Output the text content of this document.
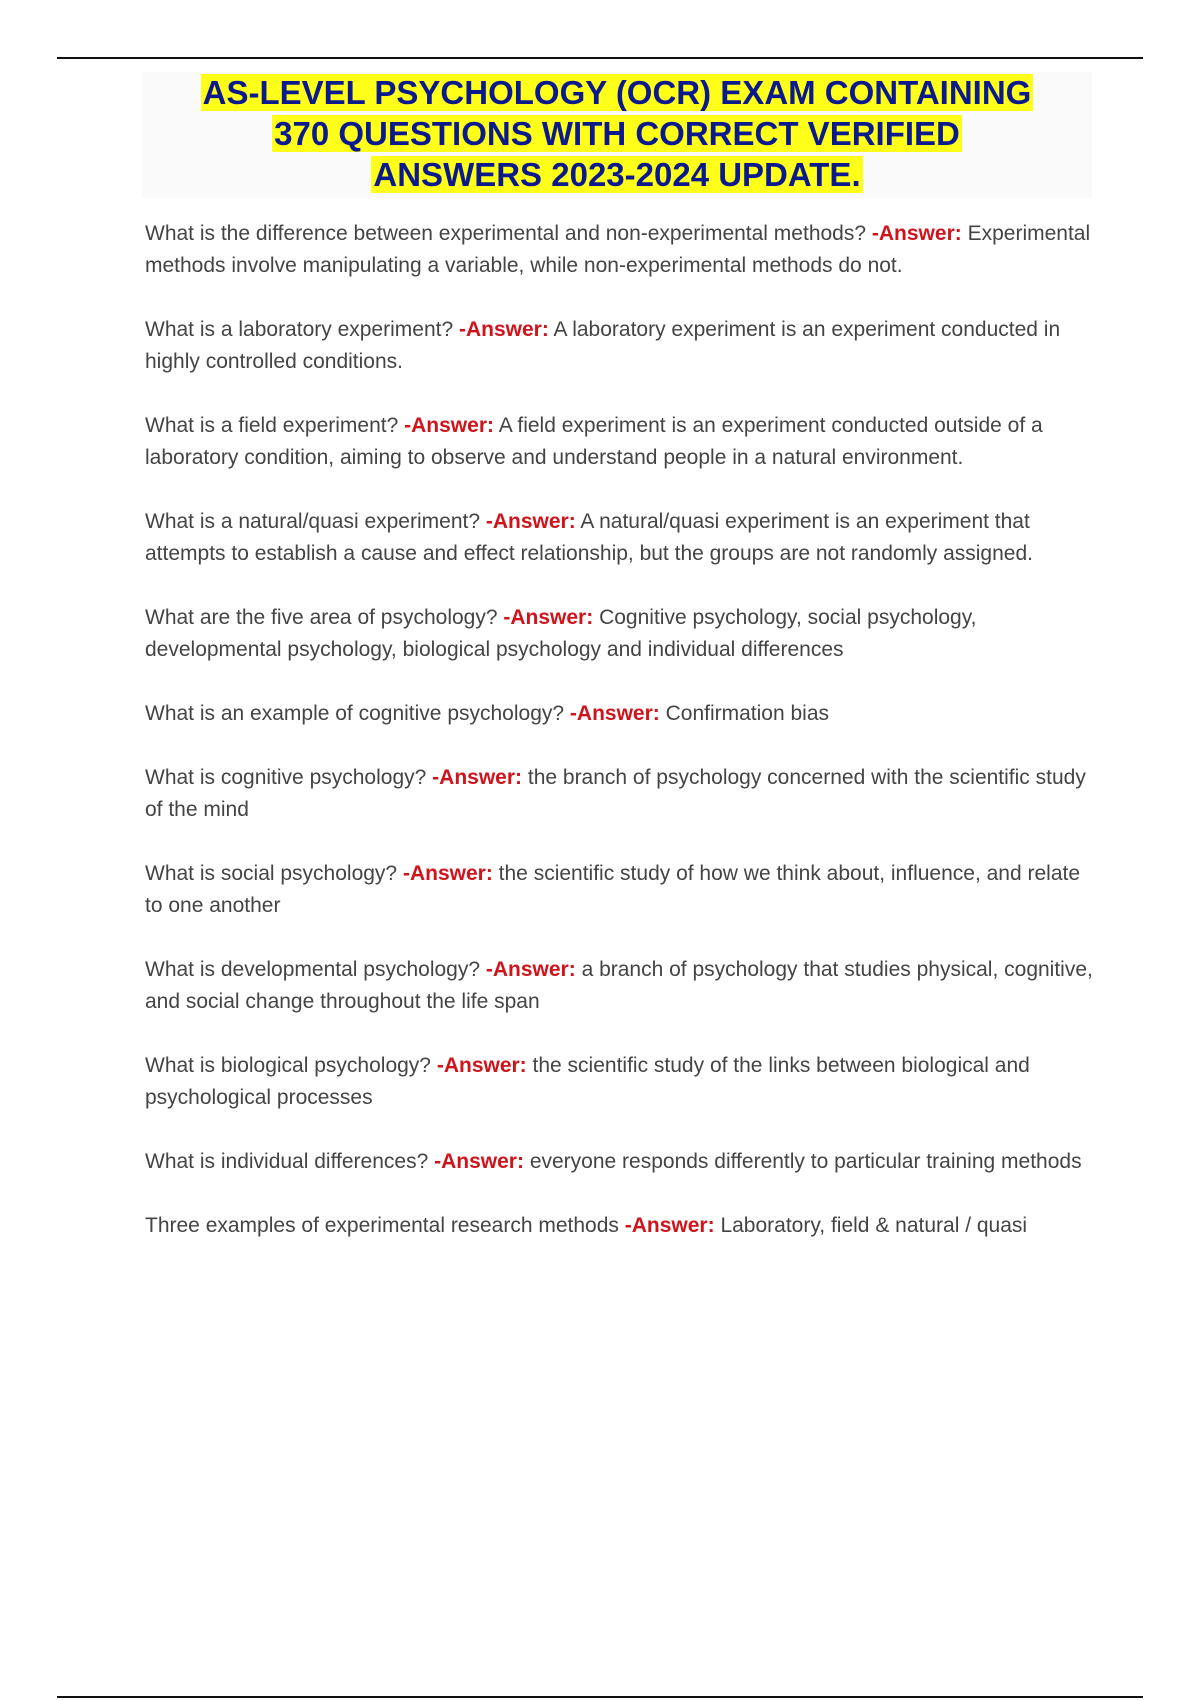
AS-LEVEL PSYCHOLOGY (OCR) EXAM CONTAINING

370 QUESTIONS WITH CORRECT VERIFIED

ANSWERS 2023-2024 UPDATE.

What is the difference between experimental and non-experimental methods? -Answer: Experimental methods involve manipulating a variable, while non-experimental methods do not.

What is a laboratory experiment? -Answer: A laboratory experiment is an experiment conducted in highly controlled conditions.

What is a field experiment? -Answer: A field experiment is an experiment conducted outside of a laboratory condition, aiming to observe and understand people in a natural environment.

What is a natural/quasi experiment? -Answer: A natural/quasi experiment is an experiment that attempts to establish a cause and effect relationship, but the groups are not randomly assigned.

What are the five area of psychology? -Answer: Cognitive psychology, social psychology, developmental psychology, biological psychology and individual differences

What is an example of cognitive psychology? -Answer: Confirmation bias

What is cognitive psychology? -Answer: the branch of psychology concerned with the scientific study of the mind

What is social psychology? -Answer: the scientific study of how we think about, influence, and relate to one another

What is developmental psychology? -Answer: a branch of psychology that studies physical, cognitive, and social change throughout the life span

What is biological psychology? -Answer: the scientific study of the links between biological and psychological processes

What is individual differences? -Answer: everyone responds differently to particular training methods

Three examples of experimental research methods -Answer: Laboratory, field & natural / quasi
